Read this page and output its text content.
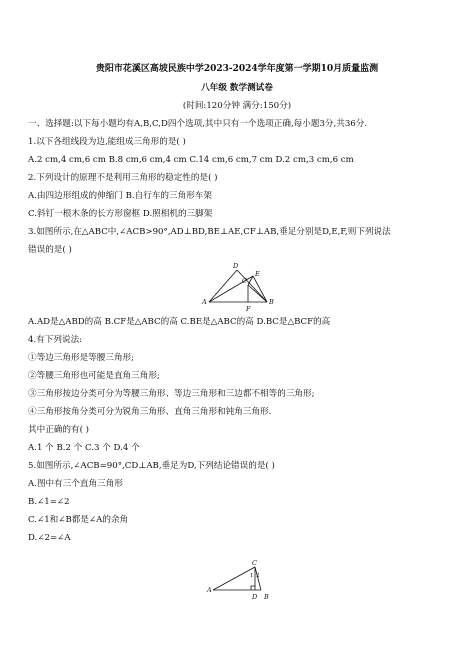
贵阳市花溪区高坡民族中学2023-2024学年度第一学期10月质量监测
八年级 数学测试卷
(时间:120分钟 满分:150分)
一、选择题:以下每小题均有A,B,C,D四个选项,其中只有一个选项正确,每小题3分,共36分.
1.以下各组线段为边,能组成三角形的是( )
A.2 cm,4 cm,6 cm B.8 cm,6 cm,4 cm C.14 cm,6 cm,7 cm D.2 cm,3 cm,6 cm
2.下列设计的原理不是利用三角形的稳定性的是( )
A.由四边形组成的伸缩门 B.自行车的三角形车架
C.斜钉一根木条的长方形窗框 D.照相机的三脚架
3.如图所示,在△ABC中,∠ACB>90°,AD⊥BD,BE⊥AE,CF⊥AB,垂足分别是D,E,F,则下列说法
错误的是( )
A	B
C
D
E
F
A.AD是△ABD的高 B.CF是△ABC的高 C.BE是△ABC的高 D.BC是△BCF的高
4.有下列说法:
①等边三角形是等腰三角形;
②等腰三角形也可能是直角三角形;
③三角形按边分类可分为等腰三角形、等边三角形和三边都不相等的三角形;
④三角形按角分类可分为锐角三角形、直角三角形和钝角三角形.
其中正确的有( )
A.1 个 B.2 个 C.3 个 D.4 个
5.如图所示,∠ACB=90°,CD⊥AB,垂足为D,下列结论错误的是( )
A.图中有三个直角三角形
B.∠1=∠2
C.∠1和∠B都是∠A的余角
D.∠2=∠A
A
B
C
D
1 2
